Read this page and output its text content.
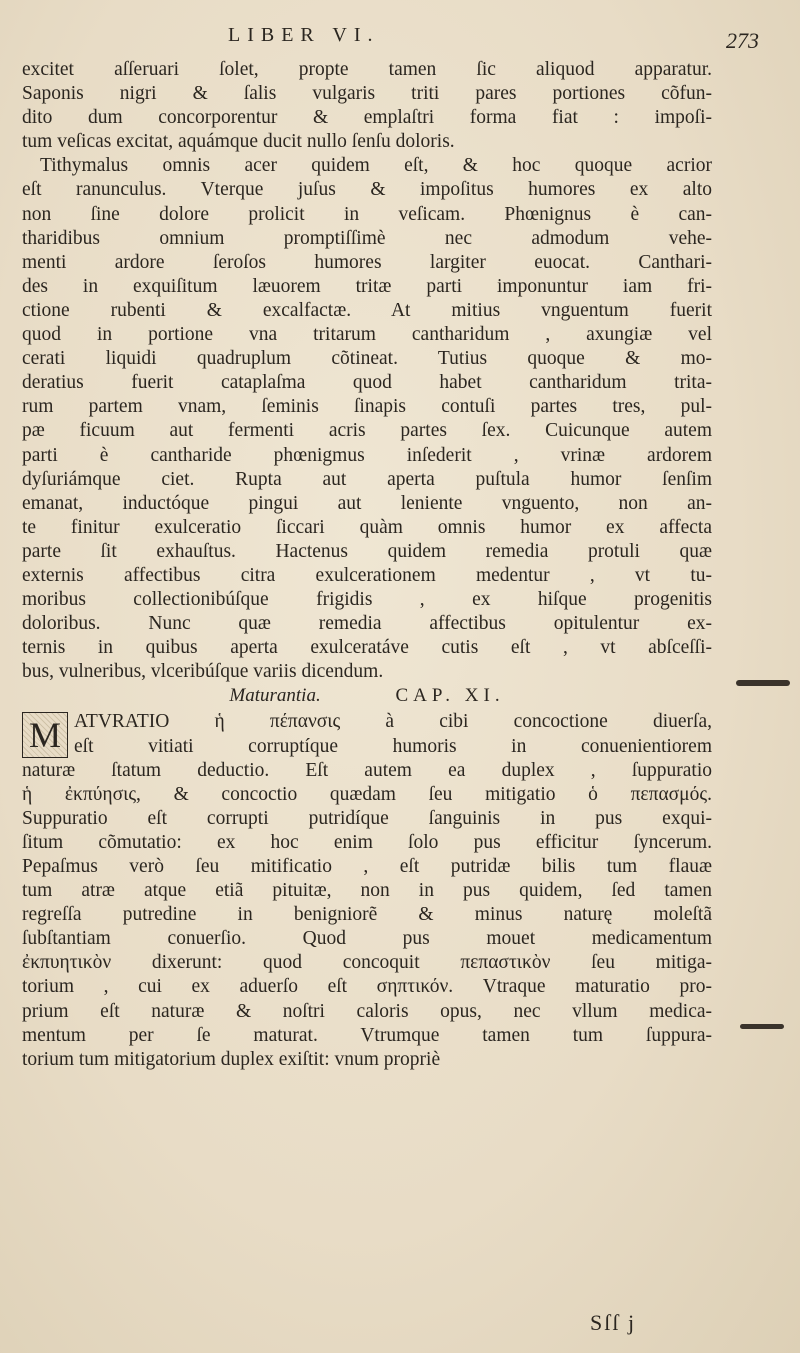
LIBER VI.	273
excitet aſſeruari ſolet, propte tamen ſic aliquod apparatur.
Saponis nigri & ſalis vulgaris triti pares portiones cõfun-
dito dum concorporentur & emplaſtri forma fiat : impoſi-
tum veſicas excitat, aquámque ducit nullo ſenſu doloris.
Tithymalus omnis acer quidem eſt, & hoc quoque acrior
eſt ranunculus. Vterque juſus & impoſitus humores ex alto
non ſine dolore prolicit in veſicam. Phœnignus è can-
tharidibus omnium promptiſſimè nec admodum vehe-
menti ardore ſeroſos humores largiter euocat. Canthari-
des in exquiſitum læuorem tritæ parti imponuntur iam fri-
ctione rubenti & excalfactæ. At mitius vnguentum fuerit
quod in portione vna tritarum cantharidum , axungiæ vel
cerati liquidi quadruplum cõtineat. Tutius quoque & mo-
deratius fuerit cataplaſma quod habet cantharidum trita-
rum partem vnam, ſeminis ſinapis contuſi partes tres, pul-
pæ ficuum aut fermenti acris partes ſex. Cuicunque autem
parti è cantharide phœnigmus inſederit , vrinæ ardorem
dyſuriámque ciet. Rupta aut aperta puſtula humor ſenſim
emanat, inductóque pingui aut leniente vnguento, non an-
te finitur exulceratio ſiccari quàm omnis humor ex affecta
parte ſit exhauſtus. Hactenus quidem remedia protuli quæ
externis affectibus citra exulcerationem medentur , vt tu-
moribus collectionibúſque frigidis , ex hiſque progenitis
doloribus. Nunc quæ remedia affectibus opitulentur ex-
ternis in quibus aperta exulceratáve cutis eſt , vt abſceſſi-
bus, vulneribus, vlceribúſque variis dicendum.
Maturantia.	CAP. XI.
M ATVRATIO ἡ πέπανσις à cibi concoctione diuerſa,
eſt vitiati corruptíque humoris in conuenientiorem
naturæ ſtatum deductio. Eſt autem ea duplex , ſuppuratio
ἡ ἐκπύησις, & concoctio quædam ſeu mitigatio ὁ πεπασμός.
Suppuratio eſt corrupti putridíque ſanguinis in pus exqui-
ſitum cõmutatio: ex hoc enim ſolo pus efficitur ſyncerum.
Pepaſmus verò ſeu mitificatio , eſt putridæ bilis tum flauæ
tum atræ atque etiã pituitæ, non in pus quidem, ſed tamen
regreſſa putredine in benigniorẽ & minus naturę moleſtã
ſubſtantiam conuerſio. Quod pus mouet medicamentum
ἐκπυητικὸν dixerunt: quod concoquit πεπαστικὸν ſeu mitiga-
torium , cui ex aduerſo eſt σηπτικόν. Vtraque maturatio pro-
prium eſt naturæ & noſtri caloris opus, nec vllum medica-
mentum per ſe maturat. Vtrumque tamen tum ſuppura-
torium tum mitigatorium duplex exiſtit: vnum propriè
Sſſ j
